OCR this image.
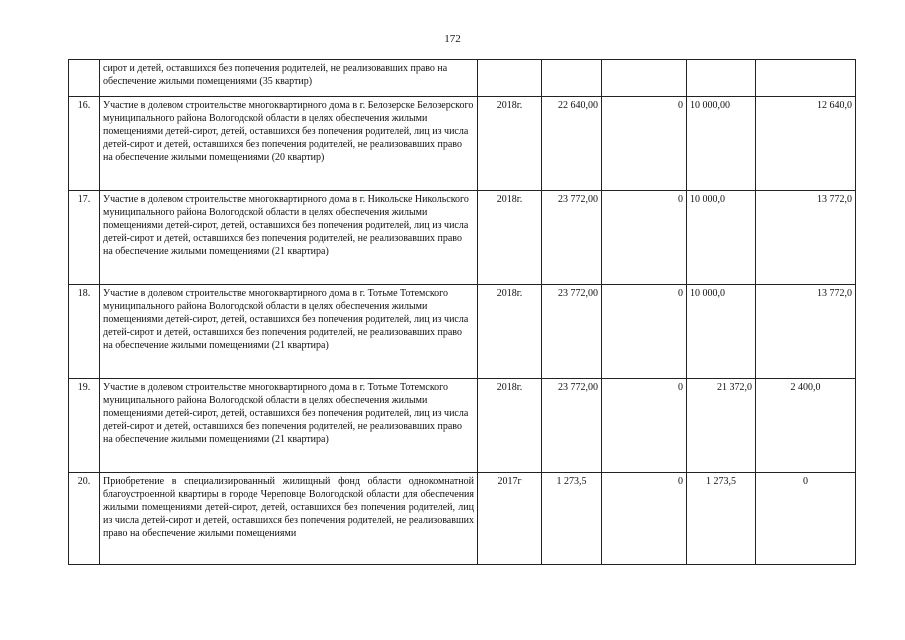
172
	сирот и детей, оставшихся без попечения родителей, не реализовавших право на обеспечение жилыми помещениями (35 квартир)					
16.	Участие в долевом строительстве многоквартирного дома в г. Белозерске Белозерского муниципального района Вологодской области в целях обеспечения жилыми помещениями детей-сирот, детей, оставшихся без попечения родителей, лиц из числа детей-сирот и детей, оставшихся без попечения родителей, не реализовавших право на обеспечение жилыми помещениями (20 квартир)	2018г.	22 640,00	0	10 000,00	12 640,0
17.	Участие в долевом строительстве многоквартирного дома в г. Никольске Никольского муниципального района Вологодской области в целях обеспечения жилыми помещениями детей-сирот, детей, оставшихся без попечения родителей, лиц из числа детей-сирот и детей, оставшихся без попечения родителей, не реализовавших право на обеспечение жилыми помещениями (21 квартира)	2018г.	23 772,00	0	10 000,0	13 772,0
18.	Участие в долевом строительстве многоквартирного дома в г. Тотьме Тотемского муниципального района Вологодской области в целях обеспечения жилыми помещениями детей-сирот, детей, оставшихся без попечения родителей, лиц из числа детей-сирот и детей, оставшихся без попечения родителей, не реализовавших право на обеспечение жилыми помещениями (21 квартира)	2018г.	23 772,00	0	10 000,0	13 772,0
19.	Участие в долевом строительстве многоквартирного дома в г. Тотьме Тотемского муниципального района Вологодской области в целях обеспечения жилыми помещениями детей-сирот, детей, оставшихся без попечения родителей, лиц из числа детей-сирот и детей, оставшихся без попечения родителей, не реализовавших право на обеспечение жилыми помещениями (21 квартира)	2018г.	23 772,00	0	21 372,0	2 400,0
20.	Приобретение в специализированный жилищный фонд области однокомнатной благоустроенной квартиры в городе Череповце Вологодской области для обеспечения жилыми помещениями детей-сирот, детей, оставшихся без попечения родителей, лиц из числа детей-сирот и детей, оставшихся без попечения родителей, не реализовавших право на обеспечение жилыми помещениями	2017г	1 273,5	0	1 273,5	0
